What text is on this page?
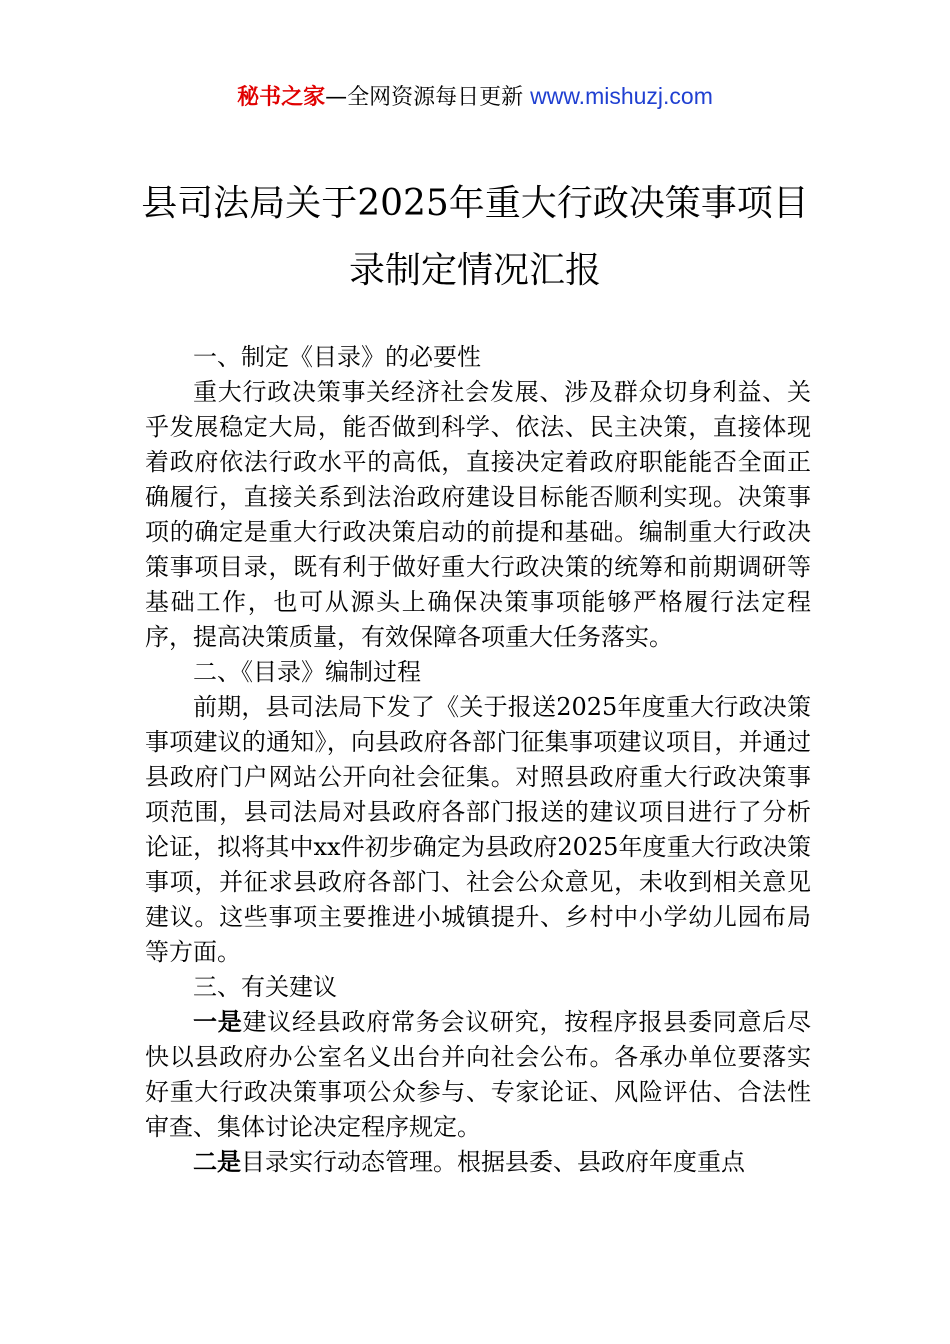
秘书之家—全网资源每日更新 www.mishuzj.com
县司法局关于2025年重大行政决策事项目
录制定情况汇报

一、制定《目录》的必要性

重大行政决策事关经济社会发展、涉及群众切身利益、关乎发展稳定大局，能否做到科学、依法、民主决策，直接体现着政府依法行政水平的高低，直接决定着政府职能能否全面正确履行，直接关系到法治政府建设目标能否顺利实现。决策事项的确定是重大行政决策启动的前提和基础。编制重大行政决策事项目录，既有利于做好重大行政决策的统筹和前期调研等基础工作，也可从源头上确保决策事项能够严格履行法定程序，提高决策质量，有效保障各项重大任务落实。

二、《目录》编制过程

前期，县司法局下发了《关于报送2025年度重大行政决策事项建议的通知》，向县政府各部门征集事项建议项目，并通过县政府门户网站公开向社会征集。对照县政府重大行政决策事项范围，县司法局对县政府各部门报送的建议项目进行了分析论证，拟将其中xx件初步确定为县政府2025年度重大行政决策事项，并征求县政府各部门、社会公众意见，未收到相关意见建议。这些事项主要推进小城镇提升、乡村中小学幼儿园布局等方面。

三、有关建议

一是建议经县政府常务会议研究，按程序报县委同意后尽快以县政府办公室名义出台并向社会公布。各承办单位要落实好重大行政决策事项公众参与、专家论证、风险评估、合法性审查、集体讨论决定程序规定。

二是目录实行动态管理。根据县委、县政府年度重点
